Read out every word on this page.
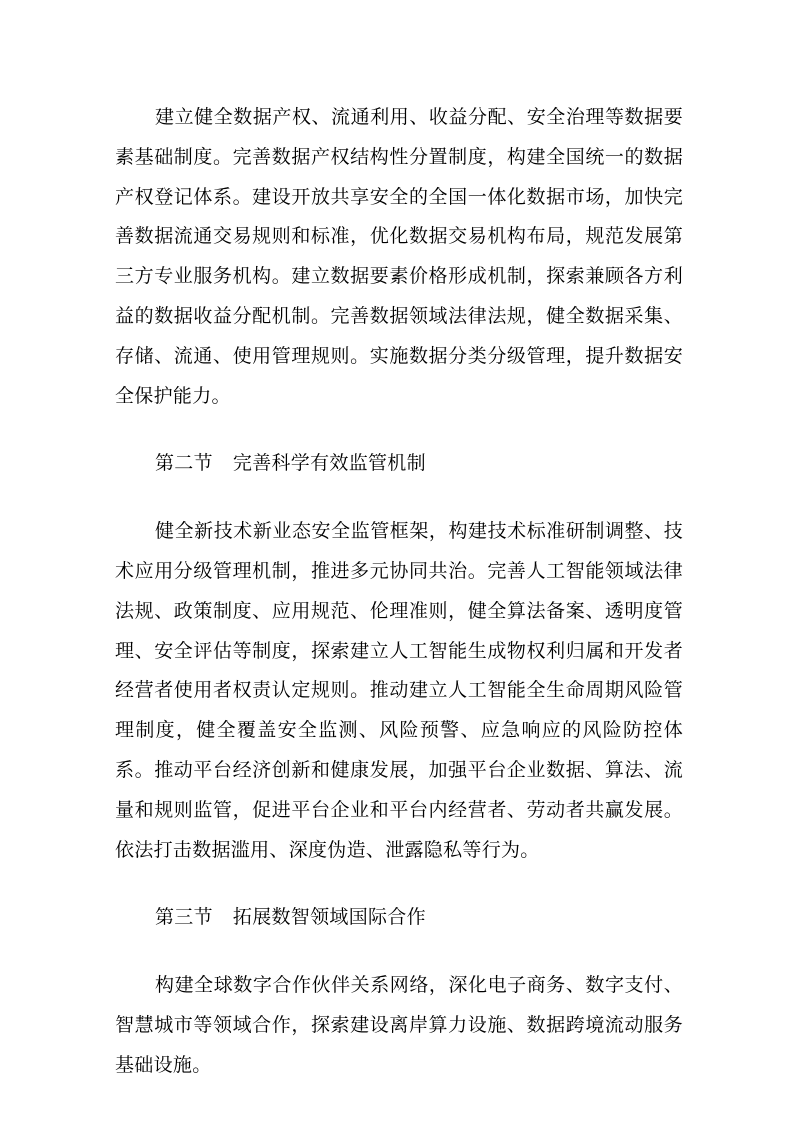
建立健全数据产权、流通利用、收益分配、安全治理等数据要素基础制度。完善数据产权结构性分置制度，构建全国统一的数据产权登记体系。建设开放共享安全的全国一体化数据市场，加快完善数据流通交易规则和标准，优化数据交易机构布局，规范发展第三方专业服务机构。建立数据要素价格形成机制，探索兼顾各方利益的数据收益分配机制。完善数据领域法律法规，健全数据采集、存储、流通、使用管理规则。实施数据分类分级管理，提升数据安全保护能力。

第二节 完善科学有效监管机制

健全新技术新业态安全监管框架，构建技术标准研制调整、技术应用分级管理机制，推进多元协同共治。完善人工智能领域法律法规、政策制度、应用规范、伦理准则，健全算法备案、透明度管理、安全评估等制度，探索建立人工智能生成物权利归属和开发者经营者使用者权责认定规则。推动建立人工智能全生命周期风险管理制度，健全覆盖安全监测、风险预警、应急响应的风险防控体系。推动平台经济创新和健康发展，加强平台企业数据、算法、流量和规则监管，促进平台企业和平台内经营者、劳动者共赢发展。依法打击数据滥用、深度伪造、泄露隐私等行为。

第三节 拓展数智领域国际合作

构建全球数字合作伙伴关系网络，深化电子商务、数字支付、智慧城市等领域合作，探索建设离岸算力设施、数据跨境流动服务基础设施。
